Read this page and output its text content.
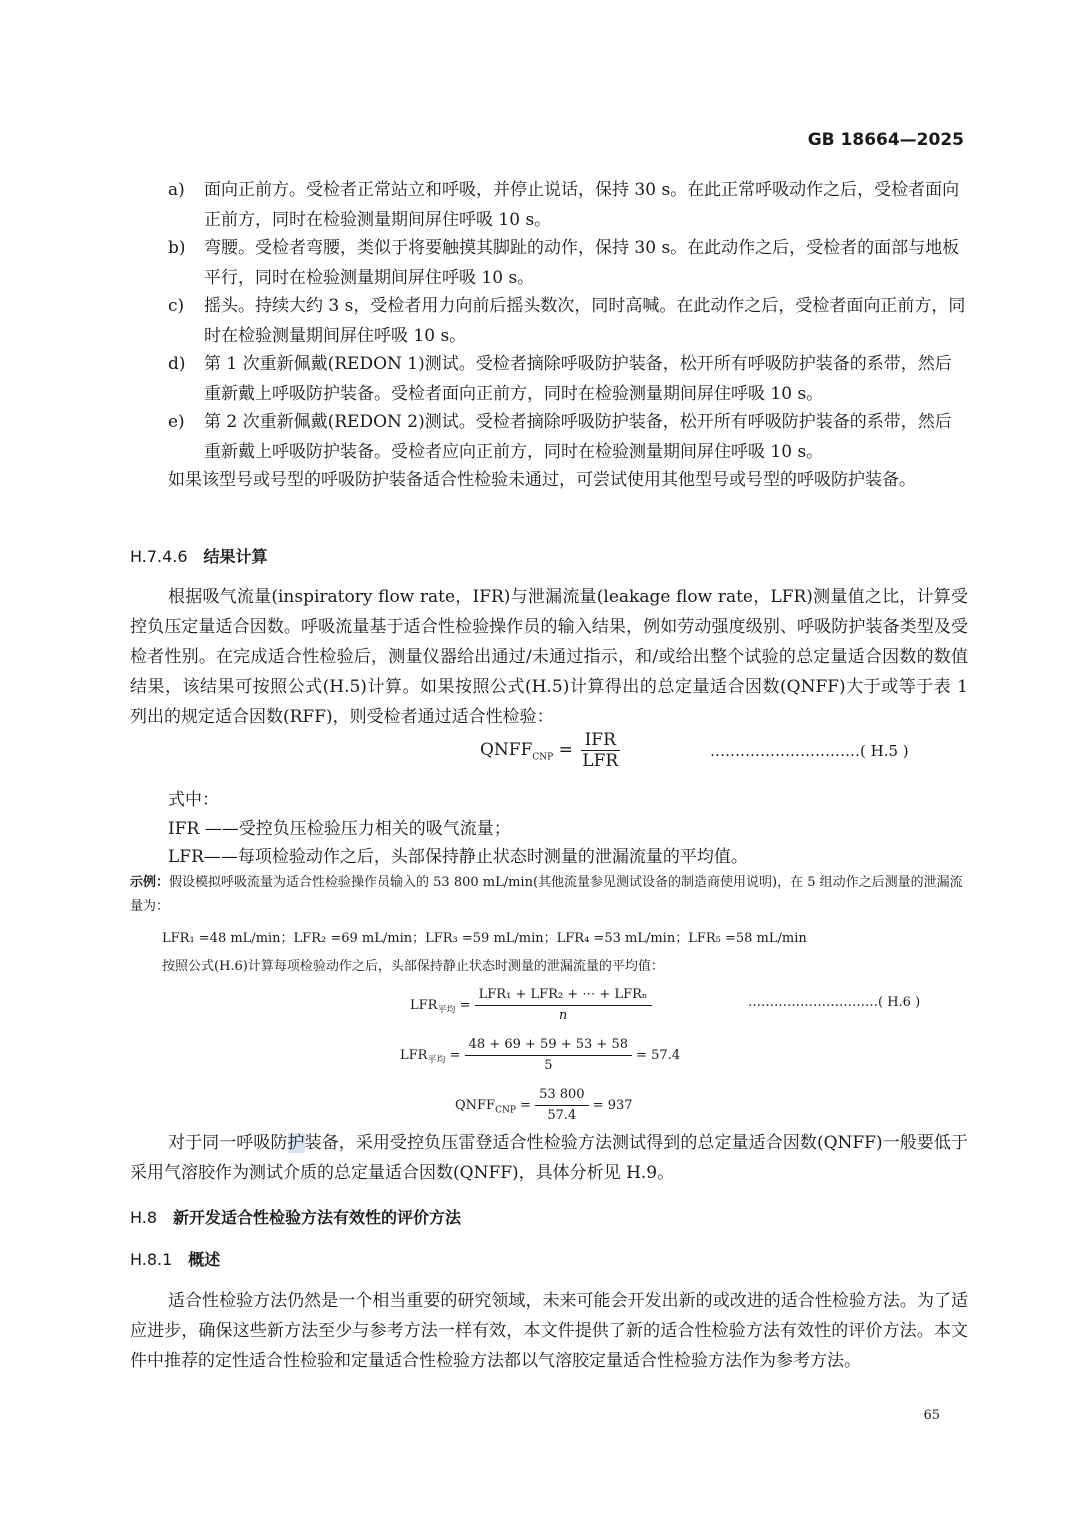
GB 18664—2025
a)	面向正前方。受检者正常站立和呼吸，并停止说话，保持 30 s。在此正常呼吸动作之后，受检者面向正前方，同时在检验测量期间屏住呼吸 10 s。
b)	弯腰。受检者弯腰，类似于将要触摸其脚趾的动作，保持 30 s。在此动作之后，受检者的面部与地板平行，同时在检验测量期间屏住呼吸 10 s。
c)	摇头。持续大约 3 s，受检者用力向前后摇头数次，同时高喊。在此动作之后，受检者面向正前方，同时在检验测量期间屏住呼吸 10 s。
d)	第 1 次重新佩戴(REDON 1)测试。受检者摘除呼吸防护装备，松开所有呼吸防护装备的系带，然后重新戴上呼吸防护装备。受检者面向正前方，同时在检验测量期间屏住呼吸 10 s。
e)	第 2 次重新佩戴(REDON 2)测试。受检者摘除呼吸防护装备，松开所有呼吸防护装备的系带，然后重新戴上呼吸防护装备。受检者应向正前方，同时在检验测量期间屏住呼吸 10 s。
如果该型号或号型的呼吸防护装备适合性检验未通过，可尝试使用其他型号或号型的呼吸防护装备。
H.7.4.6 结果计算
根据吸气流量(inspiratory flow rate，IFR)与泄漏流量(leakage flow rate，LFR)测量值之比，计算受控负压定量适合因数。呼吸流量基于适合性检验操作员的输入结果，例如劳动强度级别、呼吸防护装备类型及受检者性别。在完成适合性检验后，测量仪器给出通过/未通过指示，和/或给出整个试验的总定量适合因数的数值结果，该结果可按照公式(H.5)计算。如果按照公式(H.5)计算得出的总定量适合因数(QNFF)大于或等于表 1 列出的规定适合因数(RFF)，则受检者通过适合性检验：
$QNFF_{CNP} = \frac{\text{IFR}}{\text{LFR}}$	…………………………( H.5 )
式中：
IFR ——受控负压检验压力相关的吸气流量；
LFR——每项检验动作之后，头部保持静止状态时测量的泄漏流量的平均值。
示例：假设模拟呼吸流量为适合性检验操作员输入的 53 800 mL/min(其他流量参见测试设备的制造商使用说明)，在 5 组动作之后测量的泄漏流量为：
LFR₁ =48 mL/min；LFR₂ =69 mL/min；LFR₃ =59 mL/min；LFR₄ =53 mL/min；LFR₅ =58 mL/min
按照公式(H.6)计算每项检验动作之后，头部保持静止状态时测量的泄漏流量的平均值：
$LFR_{平均} = \frac{\text{LFR₁ + LFR₂ + ⋯ + LFRₙ}}{n}$	…………………………( H.6 )
$LFR_{平均} = \frac{48 + 69 + 59 + 53 + 58}{5} = 57.4$
$QNFF_{CNP} = \frac{53 800}{57.4} = 937$
对于同一呼吸防护装备，采用受控负压雷登适合性检验方法测试得到的总定量适合因数(QNFF)一般要低于采用气溶胶作为测试介质的总定量适合因数(QNFF)，具体分析见 H.9。
H.8 新开发适合性检验方法有效性的评价方法
H.8.1 概述
适合性检验方法仍然是一个相当重要的研究领域，未来可能会开发出新的或改进的适合性检验方法。为了适应进步，确保这些新方法至少与参考方法一样有效，本文件提供了新的适合性检验方法有效性的评价方法。本文件中推荐的定性适合性检验和定量适合性检验方法都以气溶胶定量适合性检验方法作为参考方法。
65
